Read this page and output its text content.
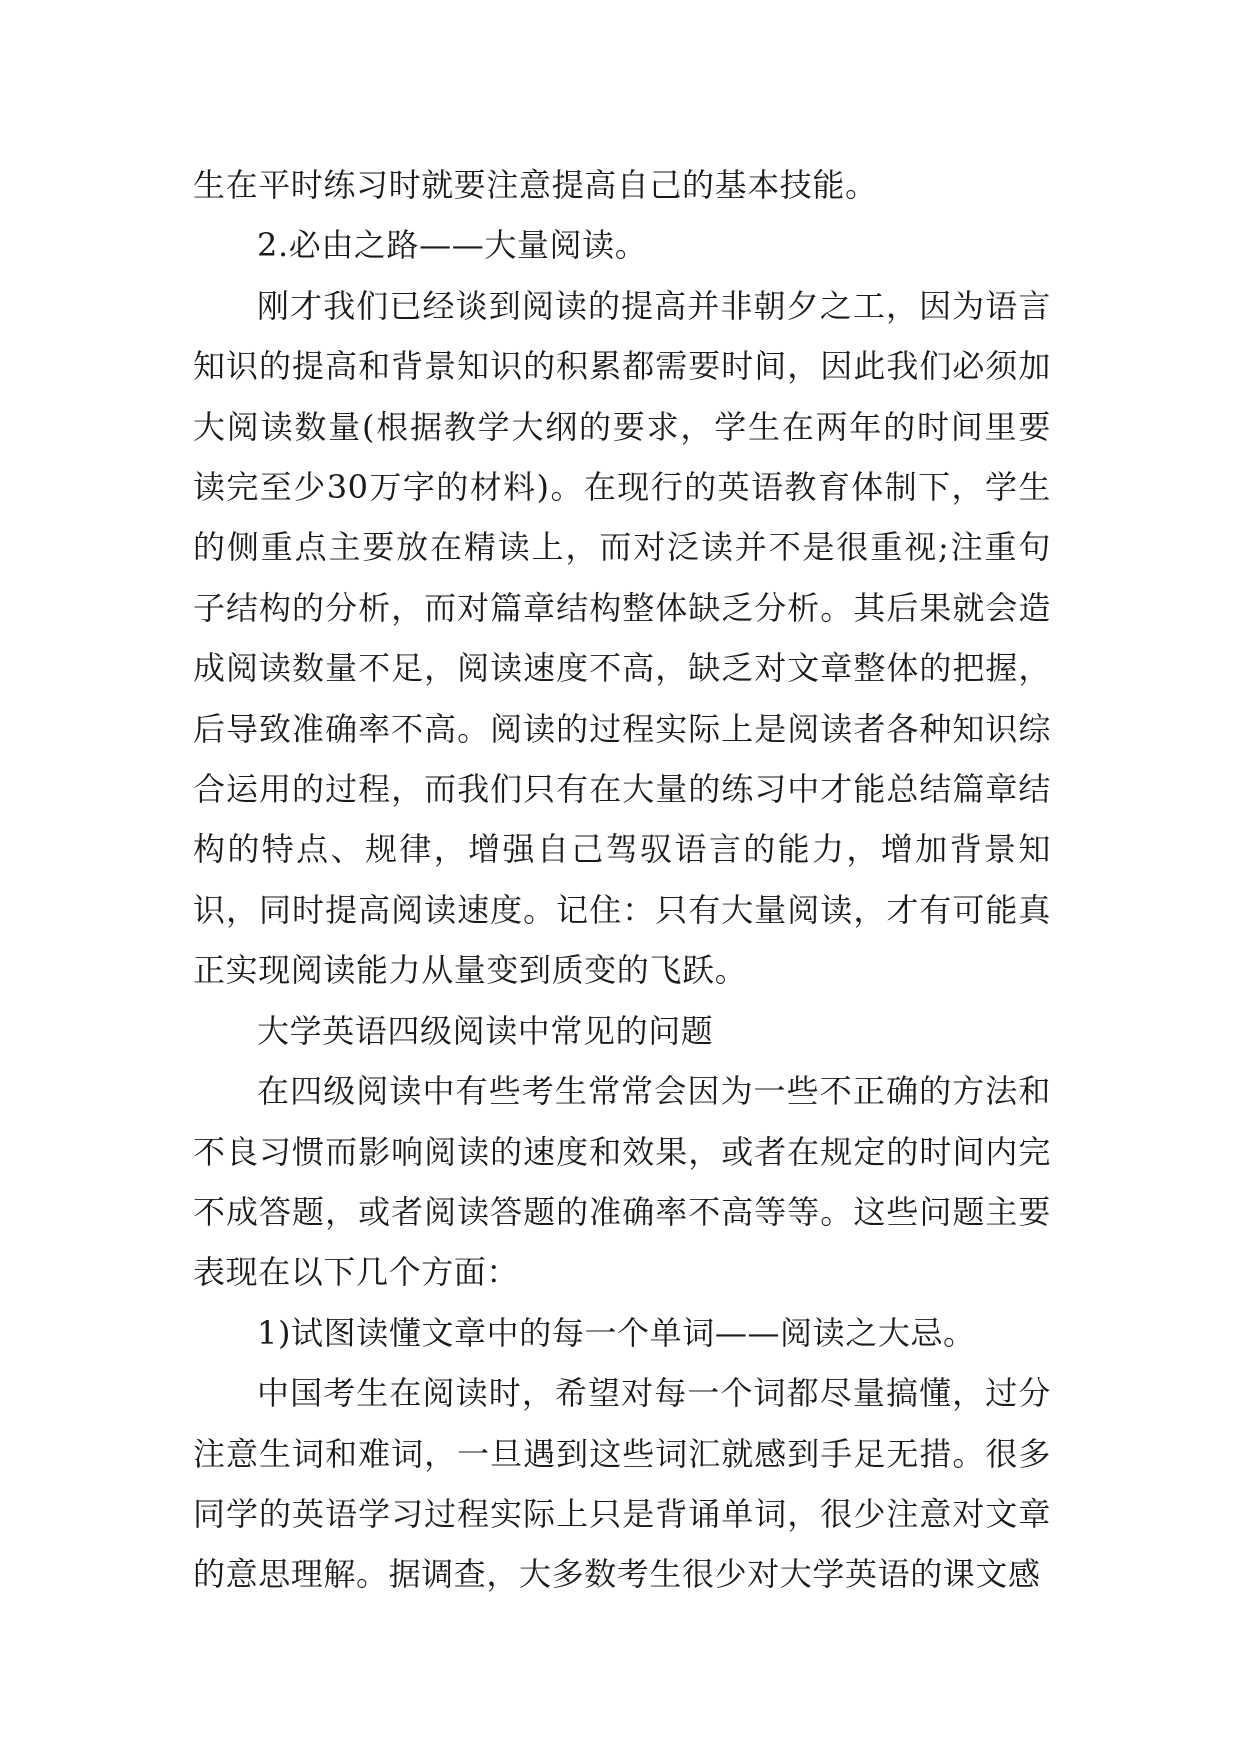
生在平时练习时就要注意提高自己的基本技能。

2.必由之路——大量阅读。

刚才我们已经谈到阅读的提高并非朝夕之工，因为语言知识的提高和背景知识的积累都需要时间，因此我们必须加大阅读数量(根据教学大纲的要求，学生在两年的时间里要读完至少30万字的材料)。在现行的英语教育体制下，学生的侧重点主要放在精读上，而对泛读并不是很重视;注重句子结构的分析，而对篇章结构整体缺乏分析。其后果就会造成阅读数量不足，阅读速度不高，缺乏对文章整体的把握，后导致准确率不高。阅读的过程实际上是阅读者各种知识综合运用的过程，而我们只有在大量的练习中才能总结篇章结构的特点、规律，增强自己驾驭语言的能力，增加背景知识，同时提高阅读速度。记住：只有大量阅读，才有可能真正实现阅读能力从量变到质变的飞跃。

大学英语四级阅读中常见的问题

在四级阅读中有些考生常常会因为一些不正确的方法和不良习惯而影响阅读的速度和效果，或者在规定的时间内完不成答题，或者阅读答题的准确率不高等等。这些问题主要表现在以下几个方面：

1)试图读懂文章中的每一个单词——阅读之大忌。

中国考生在阅读时，希望对每一个词都尽量搞懂，过分注意生词和难词，一旦遇到这些词汇就感到手足无措。很多同学的英语学习过程实际上只是背诵单词，很少注意对文章的意思理解。据调查，大多数考生很少对大学英语的课文感
